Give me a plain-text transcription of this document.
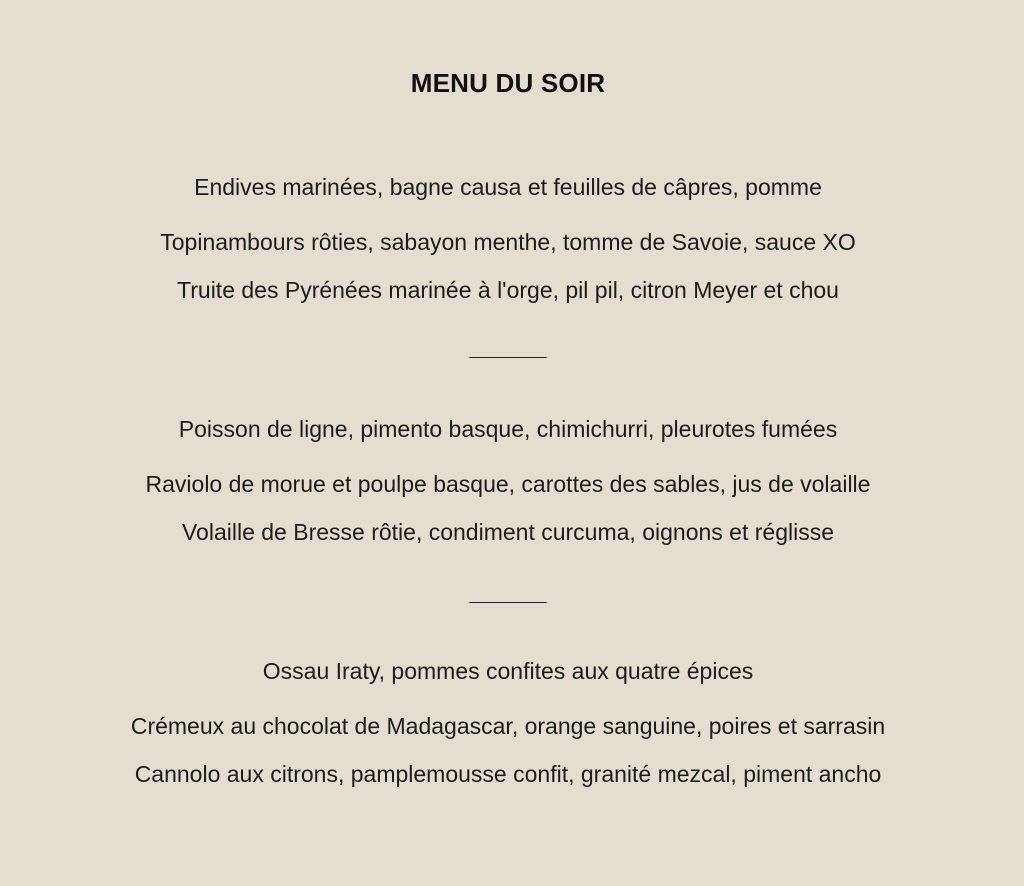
MENU DU SOIR
Endives marinées, bagne causa et feuilles de câpres, pomme
Topinambours rôties, sabayon menthe, tomme de Savoie, sauce XO
Truite des Pyrénées marinée à l'orge, pil pil, citron Meyer et chou
Poisson de ligne, pimento basque, chimichurri, pleurotes fumées
Raviolo de morue et poulpe basque, carottes des sables, jus de volaille
Volaille de Bresse rôtie, condiment curcuma, oignons et réglisse
Ossau Iraty, pommes confites aux quatre épices
Crémeux au chocolat de Madagascar, orange sanguine, poires et sarrasin
Cannolo aux citrons, pamplemousse confit, granité mezcal, piment ancho
